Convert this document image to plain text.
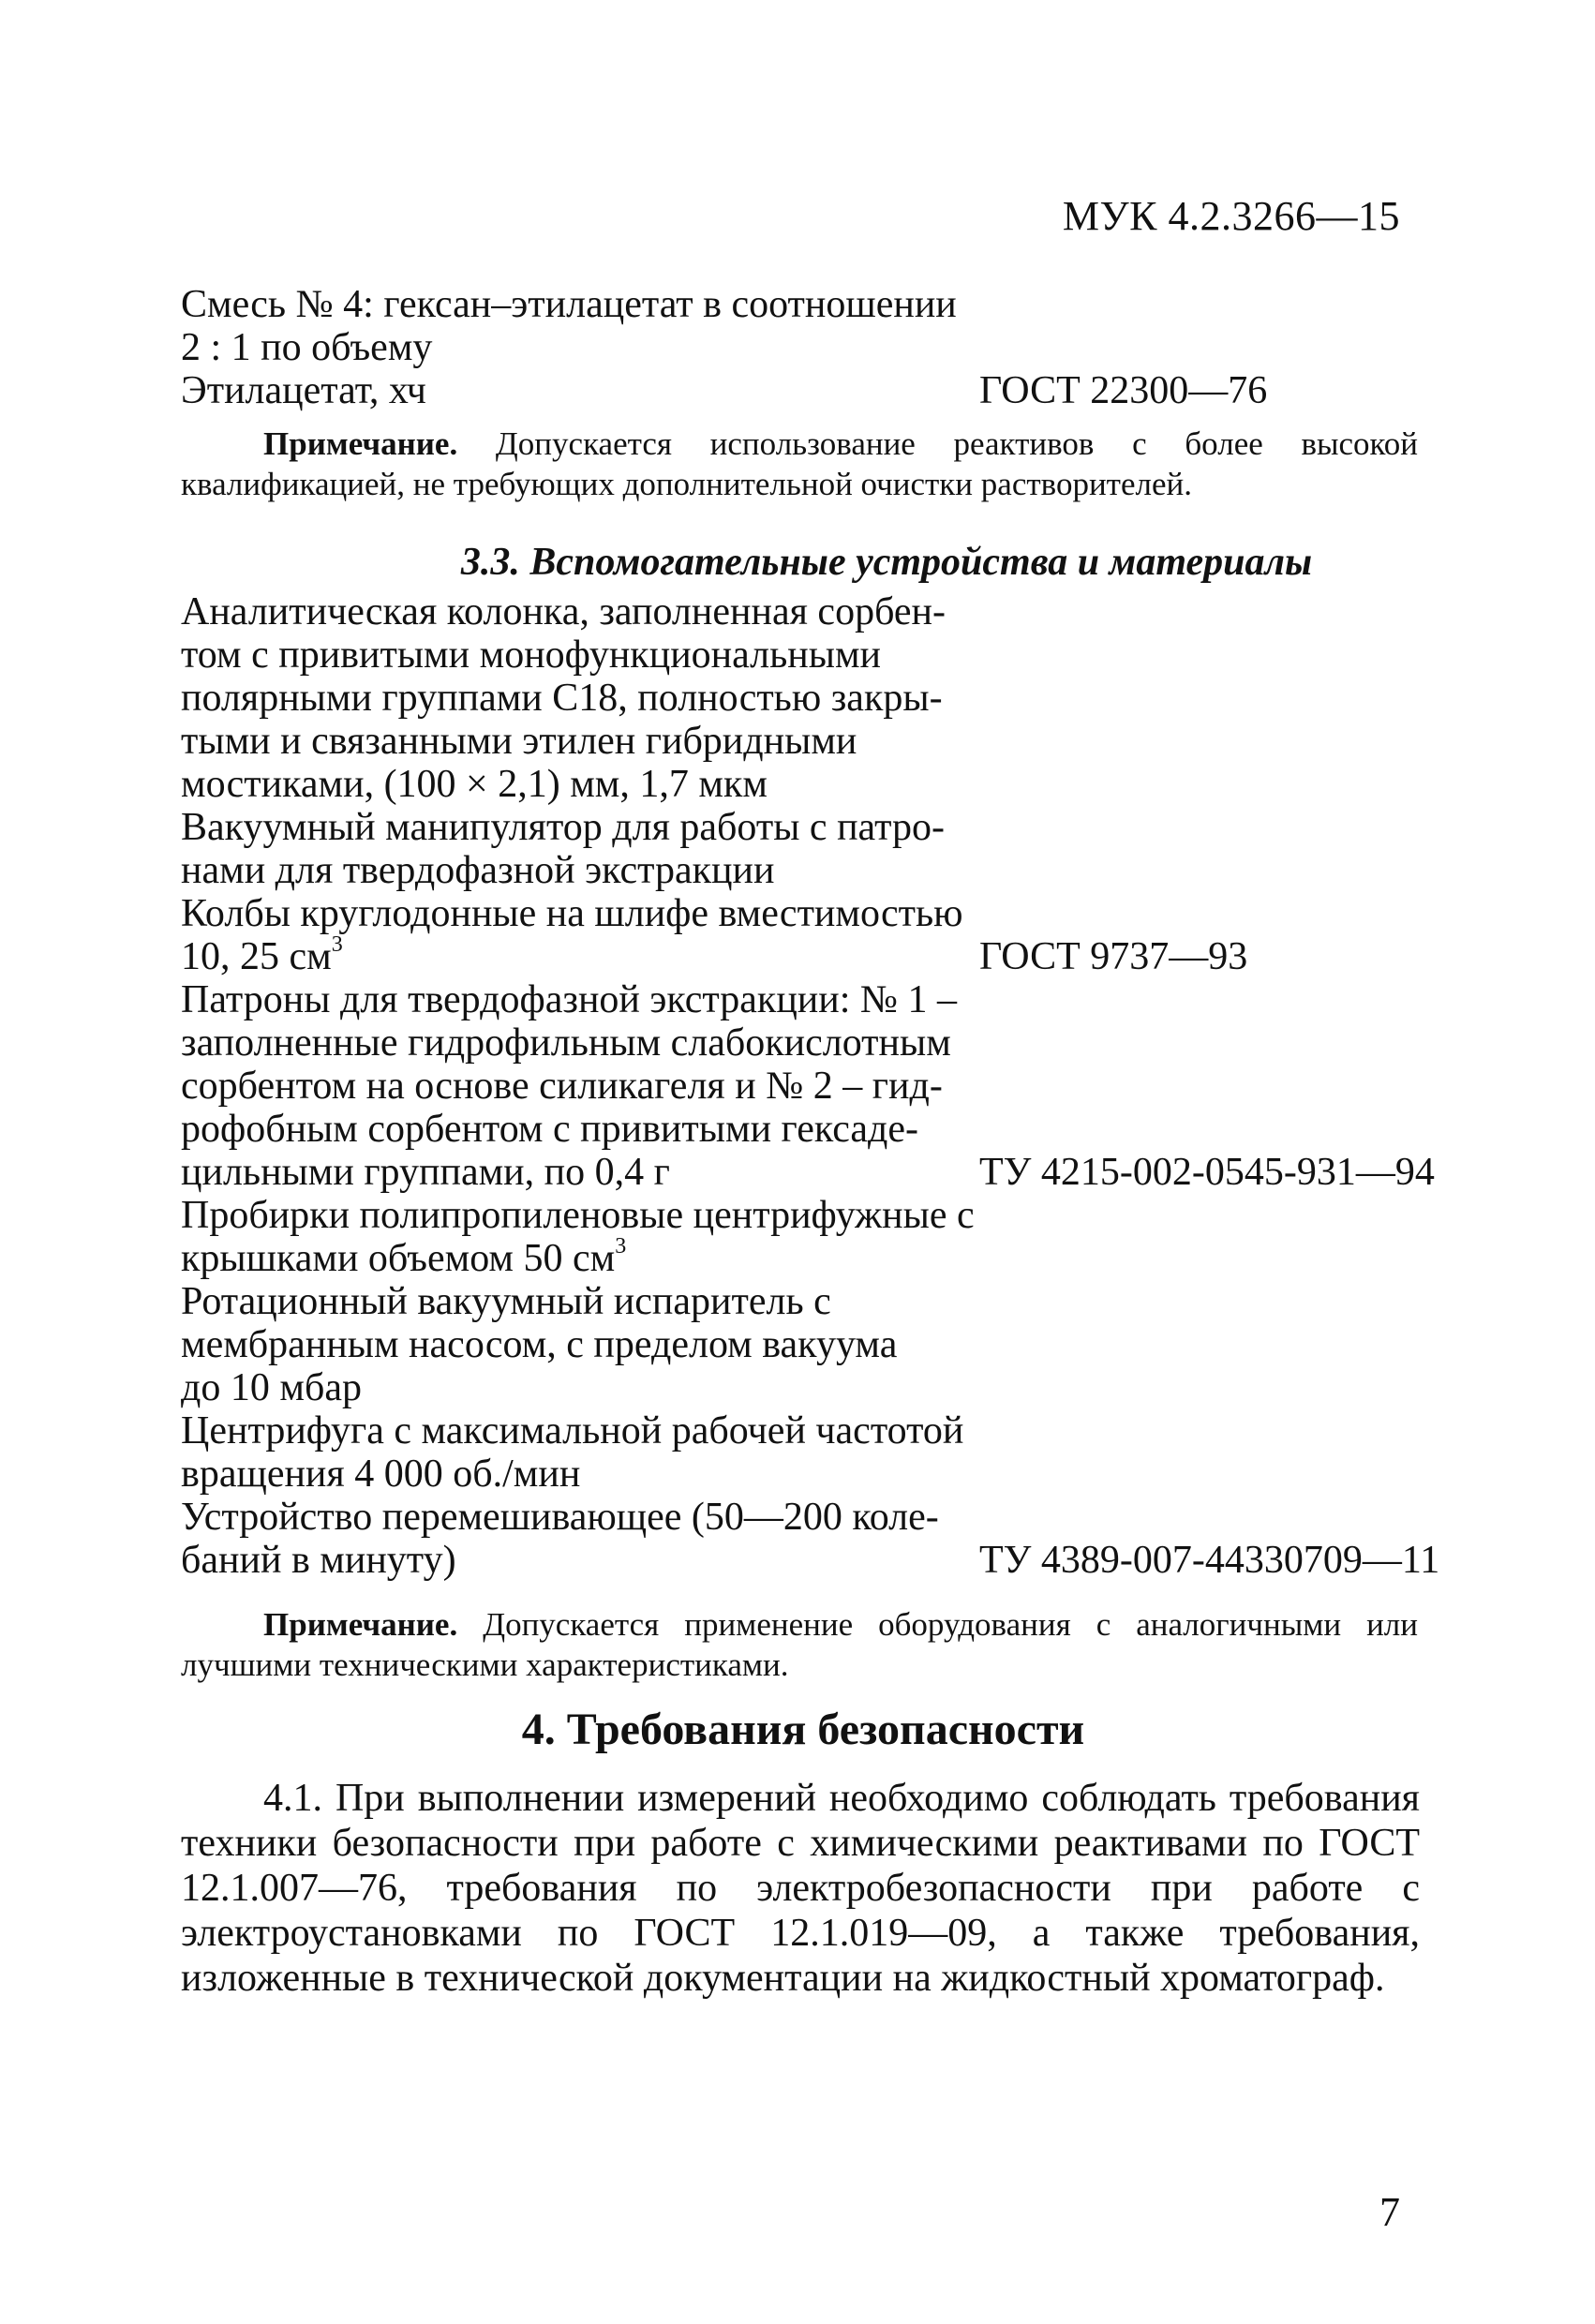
МУК 4.2.3266—15
Смесь № 4: гексан–этилацетат в соотношении
2 : 1 по объему
Этилацетат, хч	ГОСТ 22300—76
Примечание. Допускается использование реактивов с более высокой квалификацией, не требующих дополнительной очистки растворителей.
3.3. Вспомогательные устройства и материалы
Аналитическая колонка, заполненная сорбен-
том с привитыми монофункциональными
полярными группами С18, полностью закры-
тыми и связанными этилен гибридными
мостиками, (100 × 2,1) мм, 1,7 мкм
Вакуумный манипулятор для работы с патро-
нами для твердофазной экстракции
Колбы круглодонные на шлифе вместимостью
10, 25 $см^3$	ГОСТ 9737—93
Патроны для твердофазной экстракции: № 1 –
заполненные гидрофильным слабокислотным
сорбентом на основе силикагеля и № 2 – гид-
рофобным сорбентом с привитыми гексаде-
цильными группами, по 0,4 г	ТУ 4215-002-0545-931—94
Пробирки полипропиленовые центрифужные с
крышками объемом 50 $см^3$
Ротационный вакуумный испаритель с
мембранным насосом, с пределом вакуума
до 10 мбар
Центрифуга с максимальной рабочей частотой
вращения 4 000 об./мин
Устройство перемешивающее (50—200 коле-
баний в минуту)	ТУ 4389-007-44330709—11
Примечание. Допускается применение оборудования с аналогичными или лучшими техническими характеристиками.
4. Требования безопасности
4.1. При выполнении измерений необходимо соблюдать требования техники безопасности при работе с химическими реактивами по ГОСТ 12.1.007—76, требования по электробезопасности при работе с электроустановками по ГОСТ 12.1.019—09, а также требования, изложенные в технической документации на жидкостный хроматограф.
7
